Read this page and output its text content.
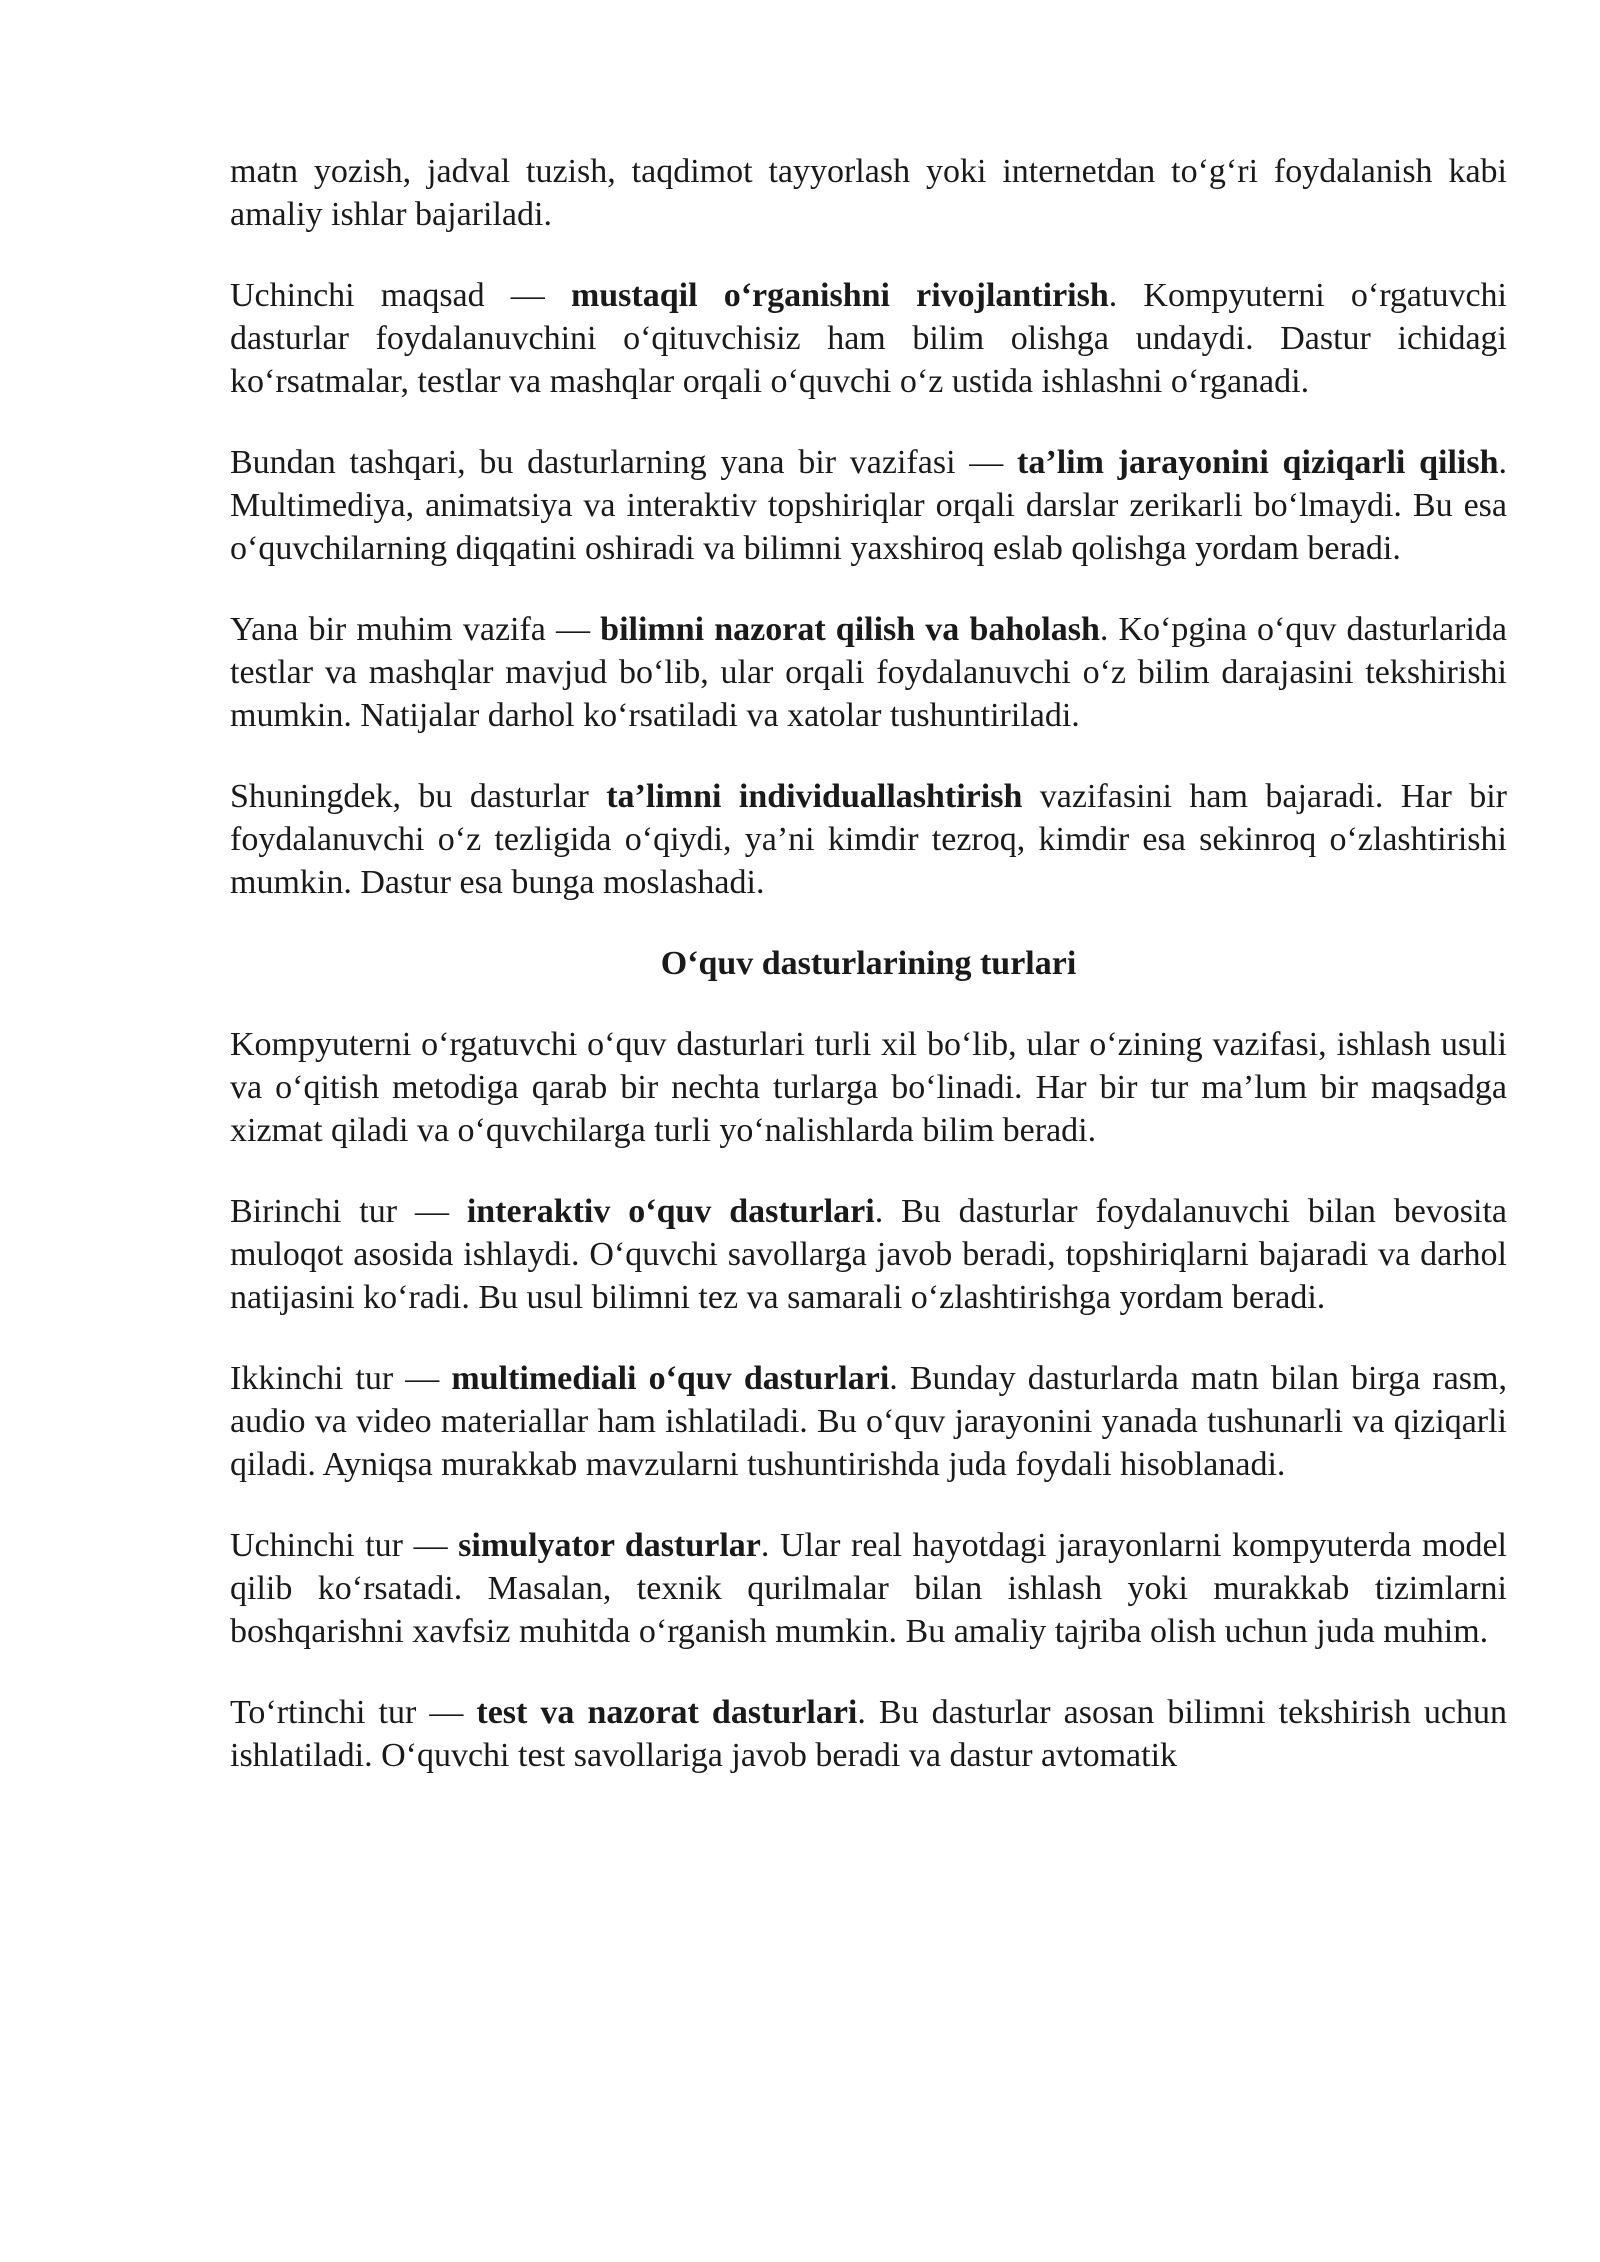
matn yozish, jadval tuzish, taqdimot tayyorlash yoki internetdan to‘g‘ri foydalanish kabi amaliy ishlar bajariladi.

Uchinchi maqsad — mustaqil o‘rganishni rivojlantirish. Kompyuterni o‘rgatuvchi dasturlar foydalanuvchini o‘qituvchisiz ham bilim olishga undaydi. Dastur ichidagi ko‘rsatmalar, testlar va mashqlar orqali o‘quvchi o‘z ustida ishlashni o‘rganadi.

Bundan tashqari, bu dasturlarning yana bir vazifasi — ta’lim jarayonini qiziqarli qilish. Multimediya, animatsiya va interaktiv topshiriqlar orqali darslar zerikarli bo‘lmaydi. Bu esa o‘quvchilarning diqqatini oshiradi va bilimni yaxshiroq eslab qolishga yordam beradi.

Yana bir muhim vazifa — bilimni nazorat qilish va baholash. Ko‘pgina o‘quv dasturlarida testlar va mashqlar mavjud bo‘lib, ular orqali foydalanuvchi o‘z bilim darajasini tekshirishi mumkin. Natijalar darhol ko‘rsatiladi va xatolar tushuntiriladi.

Shuningdek, bu dasturlar ta’limni individuallashtirish vazifasini ham bajaradi. Har bir foydalanuvchi o‘z tezligida o‘qiydi, ya’ni kimdir tezroq, kimdir esa sekinroq o‘zlashtirishi mumkin. Dastur esa bunga moslashadi.

O‘quv dasturlarining turlari

Kompyuterni o‘rgatuvchi o‘quv dasturlari turli xil bo‘lib, ular o‘zining vazifasi, ishlash usuli va o‘qitish metodiga qarab bir nechta turlarga bo‘linadi. Har bir tur ma’lum bir maqsadga xizmat qiladi va o‘quvchilarga turli yo‘nalishlarda bilim beradi.

Birinchi tur — interaktiv o‘quv dasturlari. Bu dasturlar foydalanuvchi bilan bevosita muloqot asosida ishlaydi. O‘quvchi savollarga javob beradi, topshiriqlarni bajaradi va darhol natijasini ko‘radi. Bu usul bilimni tez va samarali o‘zlashtirishga yordam beradi.

Ikkinchi tur — multimediali o‘quv dasturlari. Bunday dasturlarda matn bilan birga rasm, audio va video materiallar ham ishlatiladi. Bu o‘quv jarayonini yanada tushunarli va qiziqarli qiladi. Ayniqsa murakkab mavzularni tushuntirishda juda foydali hisoblanadi.

Uchinchi tur — simulyator dasturlar. Ular real hayotdagi jarayonlarni kompyuterda model qilib ko‘rsatadi. Masalan, texnik qurilmalar bilan ishlash yoki murakkab tizimlarni boshqarishni xavfsiz muhitda o‘rganish mumkin. Bu amaliy tajriba olish uchun juda muhim.

To‘rtinchi tur — test va nazorat dasturlari. Bu dasturlar asosan bilimni tekshirish uchun ishlatiladi. O‘quvchi test savollariga javob beradi va dastur avtomatik
